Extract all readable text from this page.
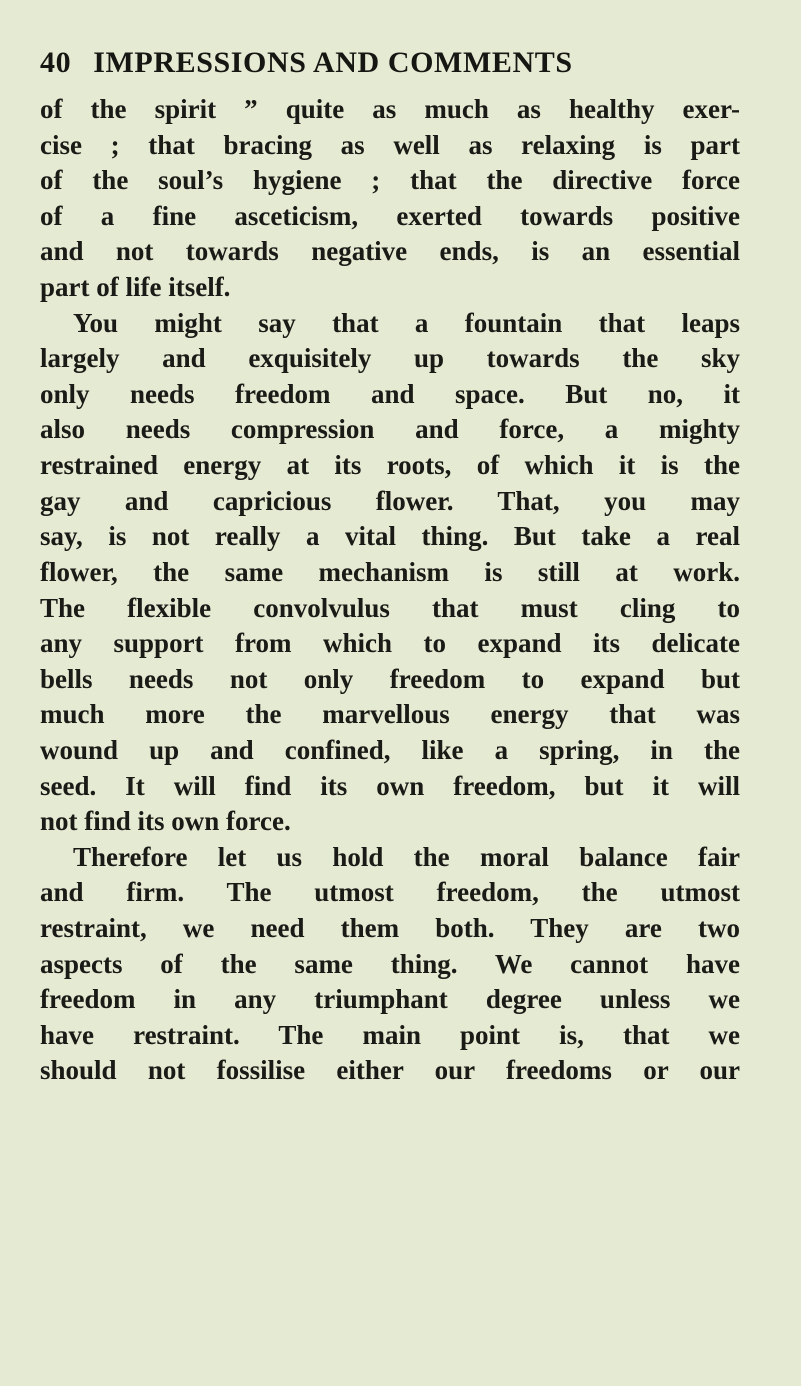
40 IMPRESSIONS AND COMMENTS
of the spirit ” quite as much as healthy exer-
cise ; that bracing as well as relaxing is part
of the soul’s hygiene ; that the directive force
of a fine asceticism, exerted towards positive
and not towards negative ends, is an essential
part of life itself.
You might say that a fountain that leaps
largely and exquisitely up towards the sky
only needs freedom and space. But no, it
also needs compression and force, a mighty
restrained energy at its roots, of which it is the
gay and capricious flower. That, you may
say, is not really a vital thing. But take a real
flower, the same mechanism is still at work.
The flexible convolvulus that must cling to
any support from which to expand its delicate
bells needs not only freedom to expand but
much more the marvellous energy that was
wound up and confined, like a spring, in the
seed. It will find its own freedom, but it will
not find its own force.
Therefore let us hold the moral balance fair
and firm. The utmost freedom, the utmost
restraint, we need them both. They are two
aspects of the same thing. We cannot have
freedom in any triumphant degree unless we
have restraint. The main point is, that we
should not fossilise either our freedoms or our
